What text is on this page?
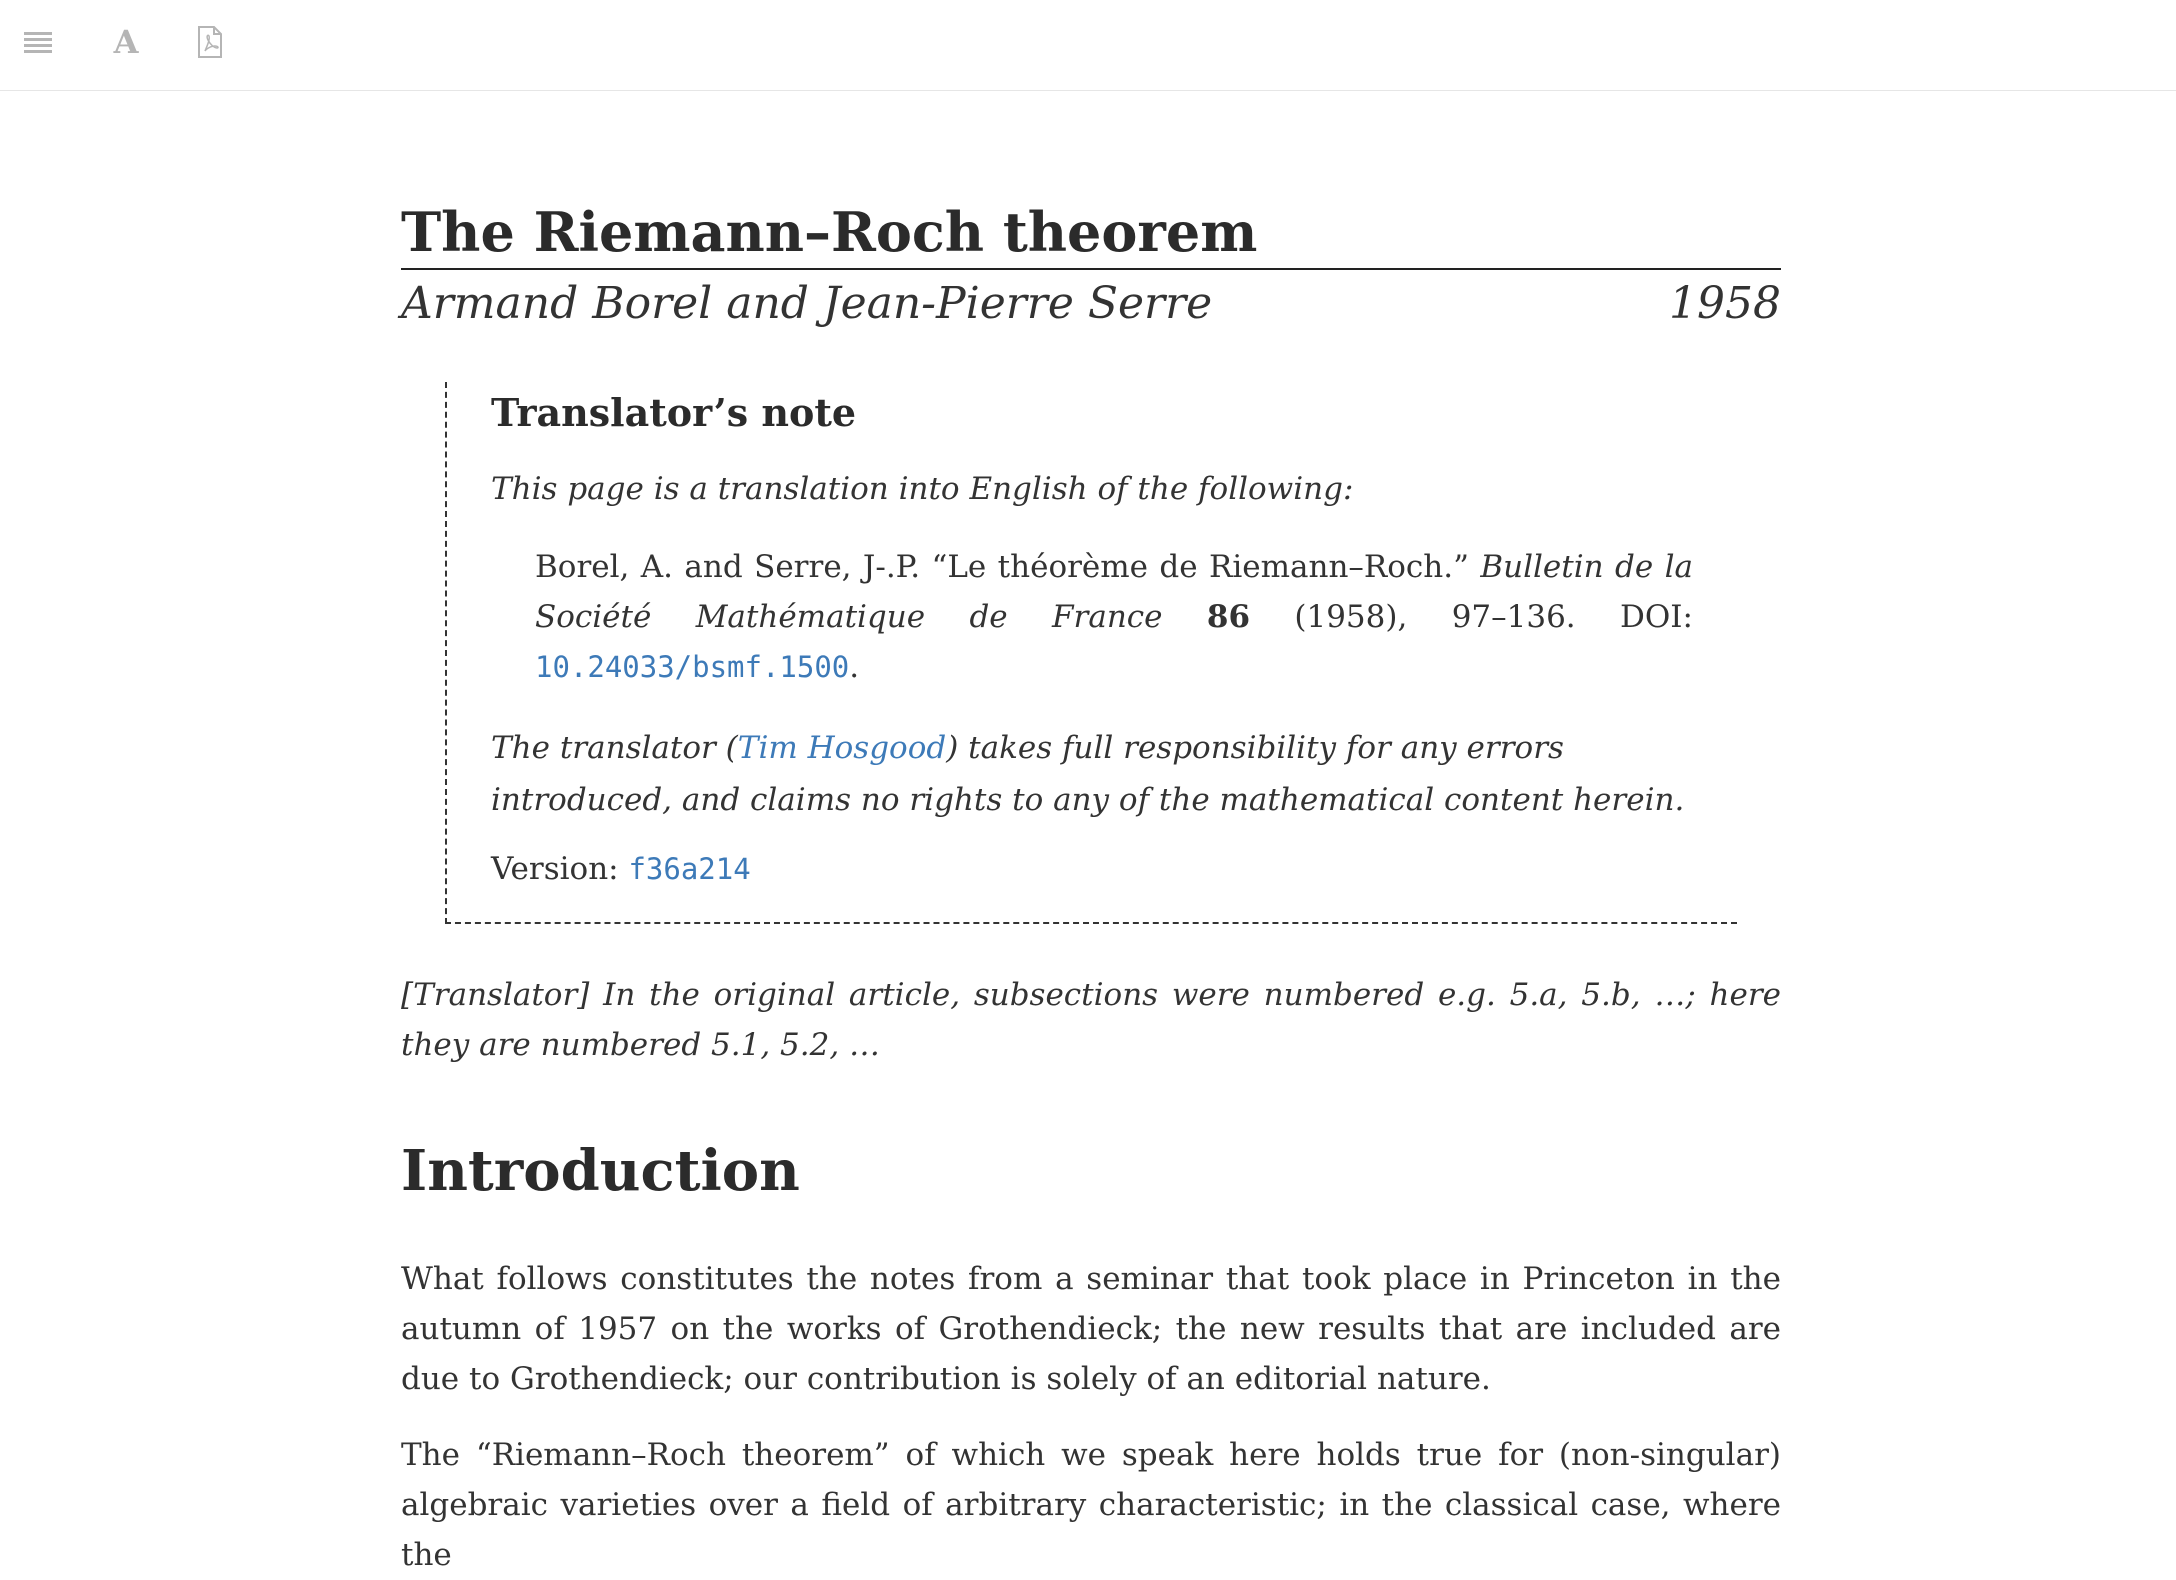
A
The Riemann–Roch theorem
Armand Borel and Jean-Pierre Serre	1958
Translator’s note

This page is a translation into English of the following:

Borel, A. and Serre, J-.P. “Le théorème de Riemann–Roch.” Bulletin de la Société Mathématique de France 86 (1958), 97–136. DOI: 10.24033/bsmf.1500.

The translator (Tim Hosgood) takes full responsibility for any errors introduced, and claims no rights to any of the mathematical content herein.

Version: f36a214

[Translator] In the original article, subsections were numbered e.g. 5.a, 5.b, …; here they are numbered 5.1, 5.2, …

Introduction

What follows constitutes the notes from a seminar that took place in Princeton in the autumn of 1957 on the works of Grothendieck; the new results that are included are due to Grothendieck; our contribution is solely of an editorial nature.

The “Riemann–Roch theorem” of which we speak here holds true for (non-singular) algebraic varieties over a field of arbitrary characteristic; in the classical case, where the
